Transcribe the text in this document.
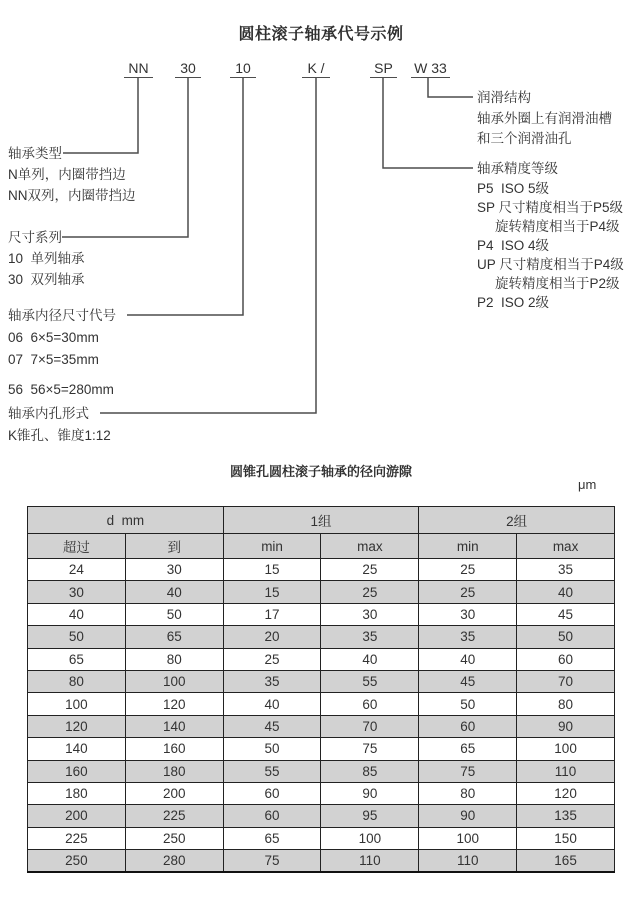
圆柱滚子轴承代号示例
NN	30	10	K /	SP W 33
轴承类型
N单列，内圈带挡边
NN双列，内圈带挡边
尺寸系列
10  单列轴承
30  双列轴承
轴承内径尺寸代号
06  6×5=30mm
07  7×5=35mm
56  56×5=280mm
轴承内孔形式
K锥孔、锥度1:12
润滑结构
轴承外圈上有润滑油槽
和三个润滑油孔
轴承精度等级
P5  ISO 5级
SP 尺寸精度相当于P5级
旋转精度相当于P4级
P4  ISO 4级
UP 尺寸精度相当于P4级
旋转精度相当于P2级
P2  ISO 2级
圆锥孔圆柱滚子轴承的径向游隙
μm
d  mm		1组		2组	
超过	到	min	max	min	max
24	30	15	25	25	35
30	40	15	25	25	40
40	50	17	30	30	45
50	65	20	35	35	50
65	80	25	40	40	60
80	100	35	55	45	70
100	120	40	60	50	80
120	140	45	70	60	90
140	160	50	75	65	100
160	180	55	85	75	110
180	200	60	90	80	120
200	225	60	95	90	135
225	250	65	100	100	150
250	280	75	110	110	165
